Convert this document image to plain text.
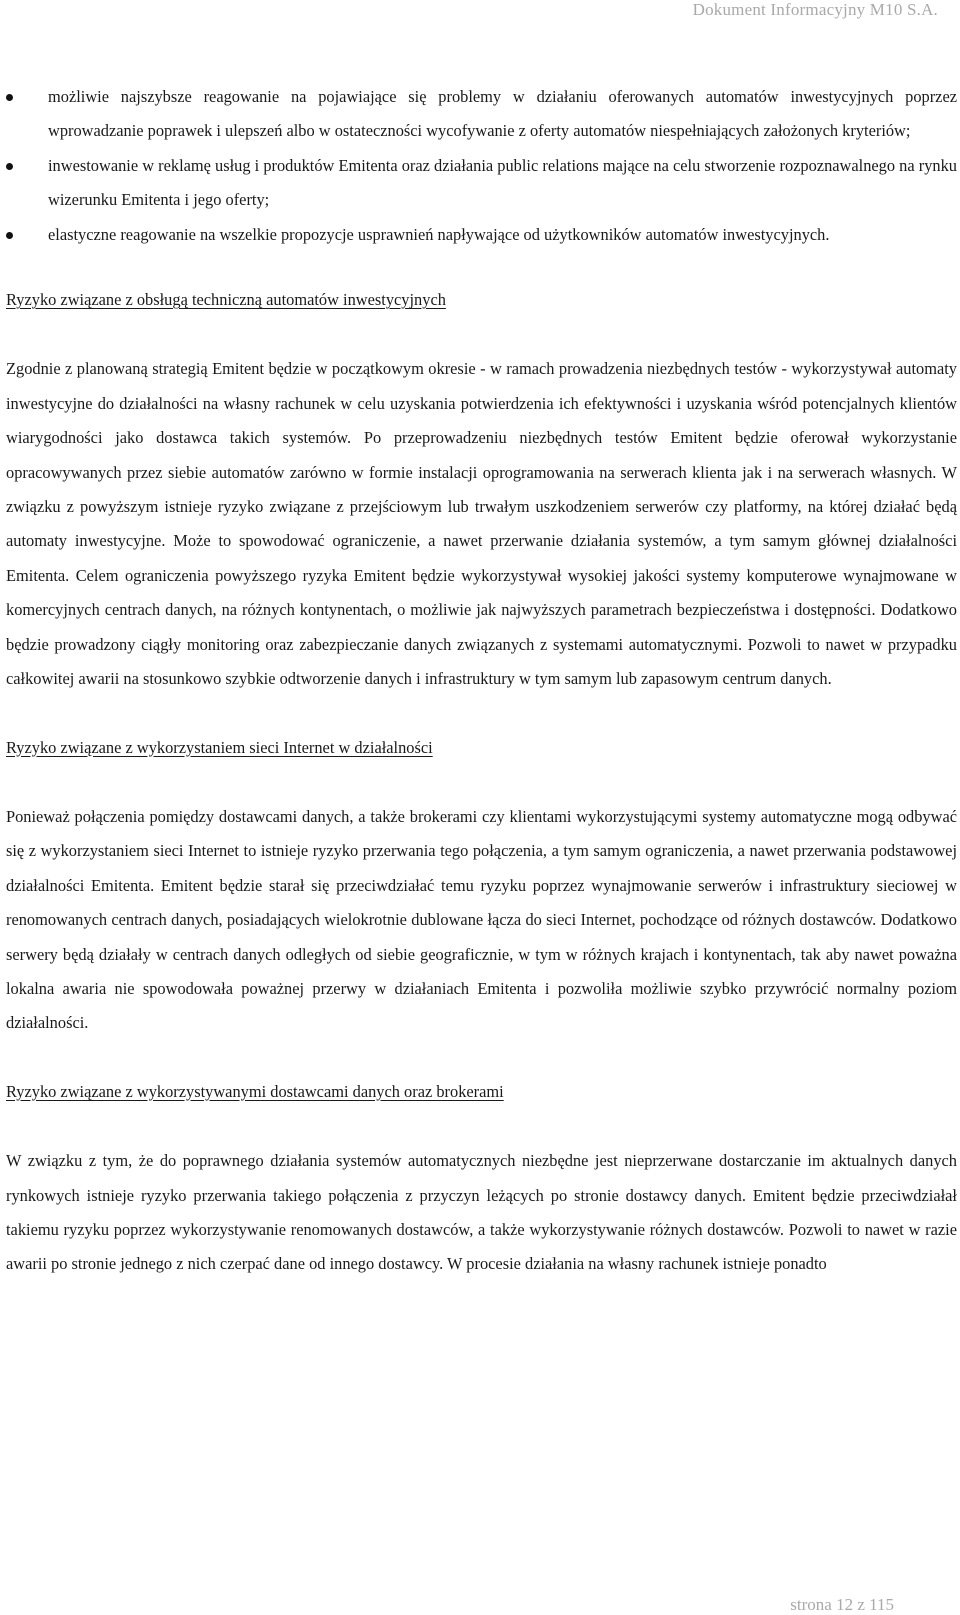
Dokument Informacyjny M10 S.A.
możliwie najszybsze reagowanie na pojawiające się problemy w działaniu oferowanych automatów inwestycyjnych poprzez wprowadzanie poprawek i ulepszeń albo w ostateczności wycofywanie z oferty automatów niespełniających założonych kryteriów;
inwestowanie w reklamę usług i produktów Emitenta oraz działania public relations mające na celu stworzenie rozpoznawalnego na rynku wizerunku Emitenta i jego oferty;
elastyczne reagowanie na wszelkie propozycje usprawnień napływające od użytkowników automatów inwestycyjnych.
Ryzyko związane z obsługą techniczną automatów inwestycyjnych

Zgodnie z planowaną strategią Emitent będzie w początkowym okresie - w ramach prowadzenia niezbędnych testów - wykorzystywał automaty inwestycyjne do działalności na własny rachunek w celu uzyskania potwierdzenia ich efektywności i uzyskania wśród potencjalnych klientów wiarygodności jako dostawca takich systemów. Po przeprowadzeniu niezbędnych testów Emitent będzie oferował wykorzystanie opracowywanych przez siebie automatów zarówno w formie instalacji oprogramowania na serwerach klienta jak i na serwerach własnych. W związku z powyższym istnieje ryzyko związane z przejściowym lub trwałym uszkodzeniem serwerów czy platformy, na której działać będą automaty inwestycyjne. Może to spowodować ograniczenie, a nawet przerwanie działania systemów, a tym samym głównej działalności Emitenta. Celem ograniczenia powyższego ryzyka Emitent będzie wykorzystywał wysokiej jakości systemy komputerowe wynajmowane w komercyjnych centrach danych, na różnych kontynentach, o możliwie jak najwyższych parametrach bezpieczeństwa i dostępności. Dodatkowo będzie prowadzony ciągły monitoring oraz zabezpieczanie danych związanych z systemami automatycznymi. Pozwoli to nawet w przypadku całkowitej awarii na stosunkowo szybkie odtworzenie danych i infrastruktury w tym samym lub zapasowym centrum danych.

Ryzyko związane z wykorzystaniem sieci Internet w działalności

Ponieważ połączenia pomiędzy dostawcami danych, a także brokerami czy klientami wykorzystującymi systemy automatyczne mogą odbywać się z wykorzystaniem sieci Internet to istnieje ryzyko przerwania tego połączenia, a tym samym ograniczenia, a nawet przerwania podstawowej działalności Emitenta. Emitent będzie starał się przeciwdziałać temu ryzyku poprzez wynajmowanie serwerów i infrastruktury sieciowej w renomowanych centrach danych, posiadających wielokrotnie dublowane łącza do sieci Internet, pochodzące od różnych dostawców. Dodatkowo serwery będą działały w centrach danych odległych od siebie geograficznie, w tym w różnych krajach i kontynentach, tak aby nawet poważna lokalna awaria nie spowodowała poważnej przerwy w działaniach Emitenta i pozwoliła możliwie szybko przywrócić normalny poziom działalności.

Ryzyko związane z wykorzystywanymi dostawcami danych oraz brokerami

W związku z tym, że do poprawnego działania systemów automatycznych niezbędne jest nieprzerwane dostarczanie im aktualnych danych rynkowych istnieje ryzyko przerwania takiego połączenia z przyczyn leżących po stronie dostawcy danych. Emitent będzie przeciwdziałał takiemu ryzyku poprzez wykorzystywanie renomowanych dostawców, a także wykorzystywanie różnych dostawców. Pozwoli to nawet w razie awarii po stronie jednego z nich czerpać dane od innego dostawcy. W procesie działania na własny rachunek istnieje ponadto

strona 12 z 115
